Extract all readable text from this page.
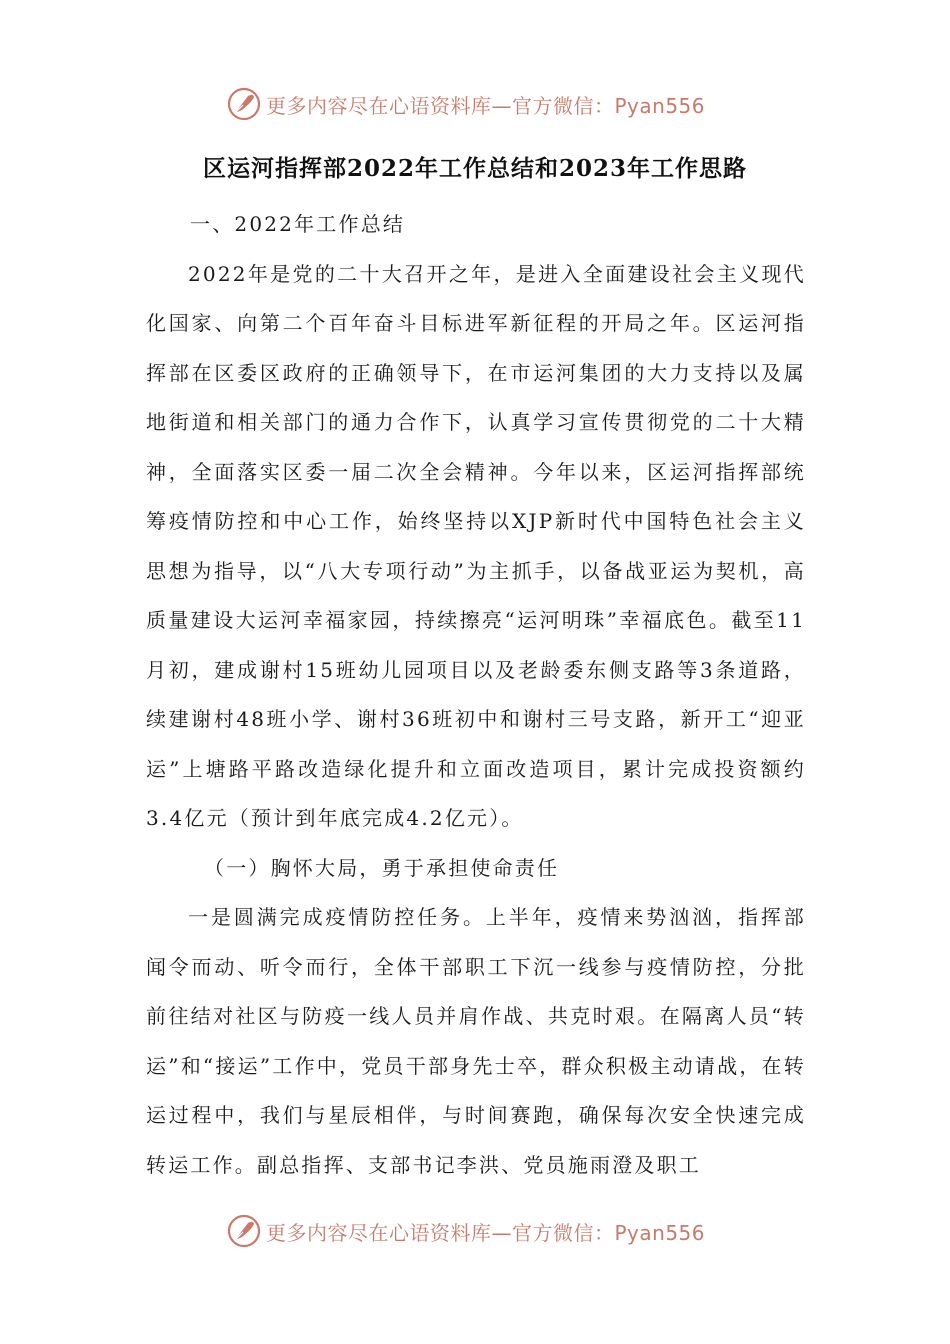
更多内容尽在心语资料库—官方微信：Pyan556
区运河指挥部2022年工作总结和2023年工作思路

一、2022年工作总结

2022年是党的二十大召开之年，是进入全面建设社会主义现代化国家、向第二个百年奋斗目标进军新征程的开局之年。区运河指挥部在区委区政府的正确领导下，在市运河集团的大力支持以及属地街道和相关部门的通力合作下，认真学习宣传贯彻党的二十大精神，全面落实区委一届二次全会精神。今年以来，区运河指挥部统筹疫情防控和中心工作，始终坚持以XJP新时代中国特色社会主义思想为指导，以“八大专项行动”为主抓手，以备战亚运为契机，高质量建设大运河幸福家园，持续擦亮“运河明珠”幸福底色。截至11月初，建成谢村15班幼儿园项目以及老龄委东侧支路等3条道路，续建谢村48班小学、谢村36班初中和谢村三号支路，新开工“迎亚运”上塘路平路改造绿化提升和立面改造项目，累计完成投资额约3.4亿元（预计到年底完成4.2亿元）。

（一）胸怀大局，勇于承担使命责任

一是圆满完成疫情防控任务。上半年，疫情来势汹汹，指挥部闻令而动、听令而行，全体干部职工下沉一线参与疫情防控，分批前往结对社区与防疫一线人员并肩作战、共克时艰。在隔离人员“转运”和“接运”工作中，党员干部身先士卒，群众积极主动请战，在转运过程中，我们与星辰相伴，与时间赛跑，确保每次安全快速完成转运工作。副总指挥、支部书记李洪、党员施雨澄及职工

更多内容尽在心语资料库—官方微信：Pyan556
